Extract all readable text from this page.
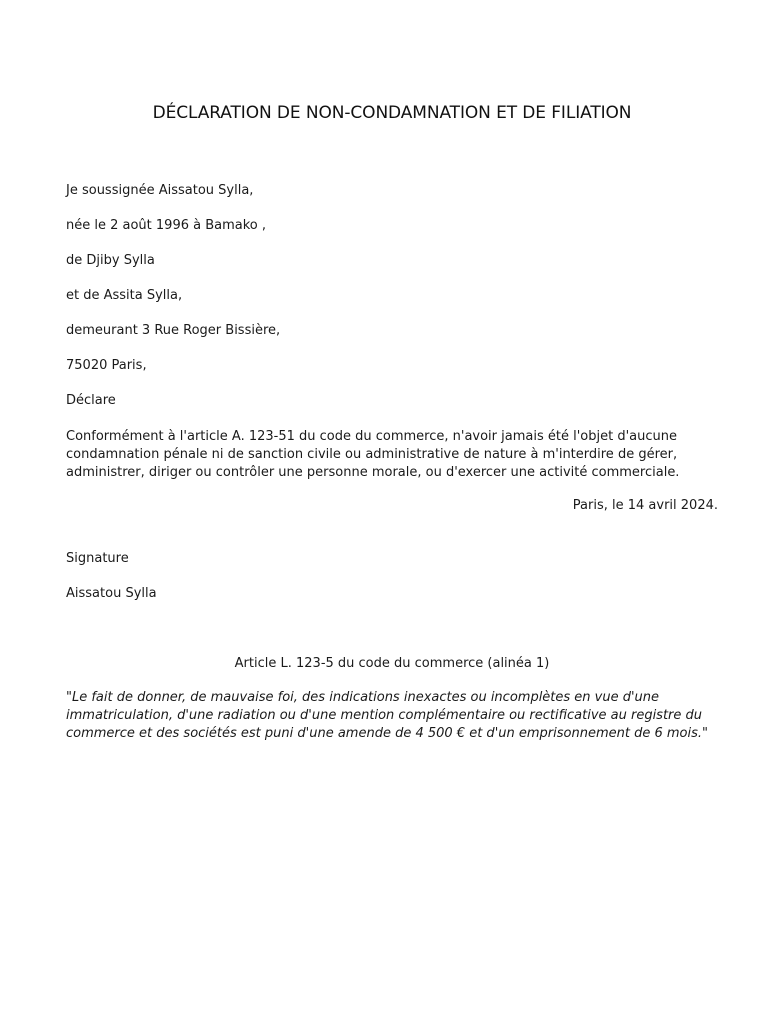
DÉCLARATION DE NON-CONDAMNATION ET DE FILIATION
Je soussignée Aissatou Sylla,
née le 2 août 1996 à Bamako ,
de Djiby Sylla
et de Assita Sylla,
demeurant 3 Rue Roger Bissière,
75020 Paris,
Déclare
Conformément à l'article A. 123-51 du code du commerce, n'avoir jamais été l'objet d'aucune condamnation pénale ni de sanction civile ou administrative de nature à m'interdire de gérer, administrer, diriger ou contrôler une personne morale, ou d'exercer une activité commerciale.
Paris, le 14 avril 2024.
Signature
Aissatou Sylla
Article L. 123-5 du code du commerce (alinéa 1)
"Le fait de donner, de mauvaise foi, des indications inexactes ou incomplètes en vue d'une immatriculation, d'une radiation ou d'une mention complémentaire ou rectificative au registre du commerce et des sociétés est puni d'une amende de 4 500 € et d'un emprisonnement de 6 mois."
